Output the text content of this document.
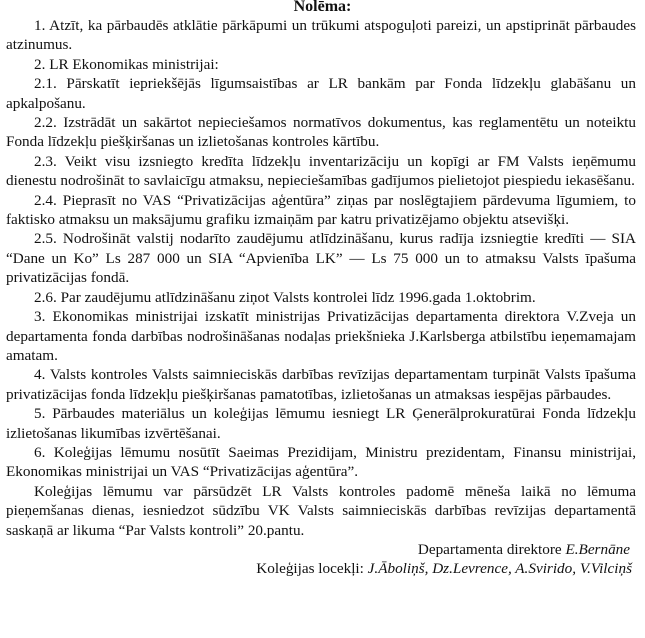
Nolēma:

1. Atzīt, ka pārbaudēs atklātie pārkāpumi un trūkumi atspoguļoti pareizi, un apstiprināt pārbaudes atzinumus.

2. LR Ekonomikas ministrijai:

2.1. Pārskatīt iepriekšējās līgumsaistības ar LR bankām par Fonda līdzekļu glabāšanu un apkalpošanu.

2.2. Izstrādāt un sakārtot nepieciešamos normatīvos dokumentus, kas reglamentētu un noteiktu Fonda līdzekļu piešķiršanas un izlietošanas kontroles kārtību.

2.3. Veikt visu izsniegto kredīta līdzekļu inventarizāciju un kopīgi ar FM Valsts ieņēmumu dienestu nodrošināt to savlaicīgu atmaksu, nepieciešamības gadījumos pielietojot piespiedu iekasēšanu.

2.4. Pieprasīt no VAS “Privatizācijas aģentūra” ziņas par noslēgtajiem pārdevuma līgumiem, to faktisko atmaksu un maksājumu grafiku izmaiņām par katru privatizējamo objektu atsevišķi.

2.5. Nodrošināt valstij nodarīto zaudējumu atlīdzināšanu, kurus radīja izsniegtie kredīti — SIA “Dane un Ko” Ls 287 000 un SIA “Apvienība LK” — Ls 75 000 un to atmaksu Valsts īpašuma privatizācijas fondā.

2.6. Par zaudējumu atlīdzināšanu ziņot Valsts kontrolei līdz 1996.gada 1.oktobrim.

3. Ekonomikas ministrijai izskatīt ministrijas Privatizācijas departamenta direktora V.Zveja un departamenta fonda darbības nodrošināšanas nodaļas priekšnieka J.Karlsberga atbilstību ieņemamajam amatam.

4. Valsts kontroles Valsts saimnieciskās darbības revīzijas departamentam turpināt Valsts īpašuma privatizācijas fonda līdzekļu piešķiršanas pamatotības, izlietošanas un atmaksas iespējas pārbaudes.

5. Pārbaudes materiālus un koleģijas lēmumu iesniegt LR Ģenerālprokuratūrai Fonda līdzekļu izlietošanas likumības izvērtēšanai.

6. Koleģijas lēmumu nosūtīt Saeimas Prezidijam, Ministru prezidentam, Finansu ministrijai, Ekonomikas ministrijai un VAS “Privatizācijas aģentūra”.

Koleģijas lēmumu var pārsūdzēt LR Valsts kontroles padomē mēneša laikā no lēmuma pieņemšanas dienas, iesniedzot sūdzību VK Valsts saimnieciskās darbības revīzijas departamentā saskaņā ar likuma “Par Valsts kontroli” 20.pantu.

Departamenta direktore E.Bernāne

Koleģijas locekļi: J.Āboliņš, Dz.Levrence, A.Svirido, V.Vilciņš
